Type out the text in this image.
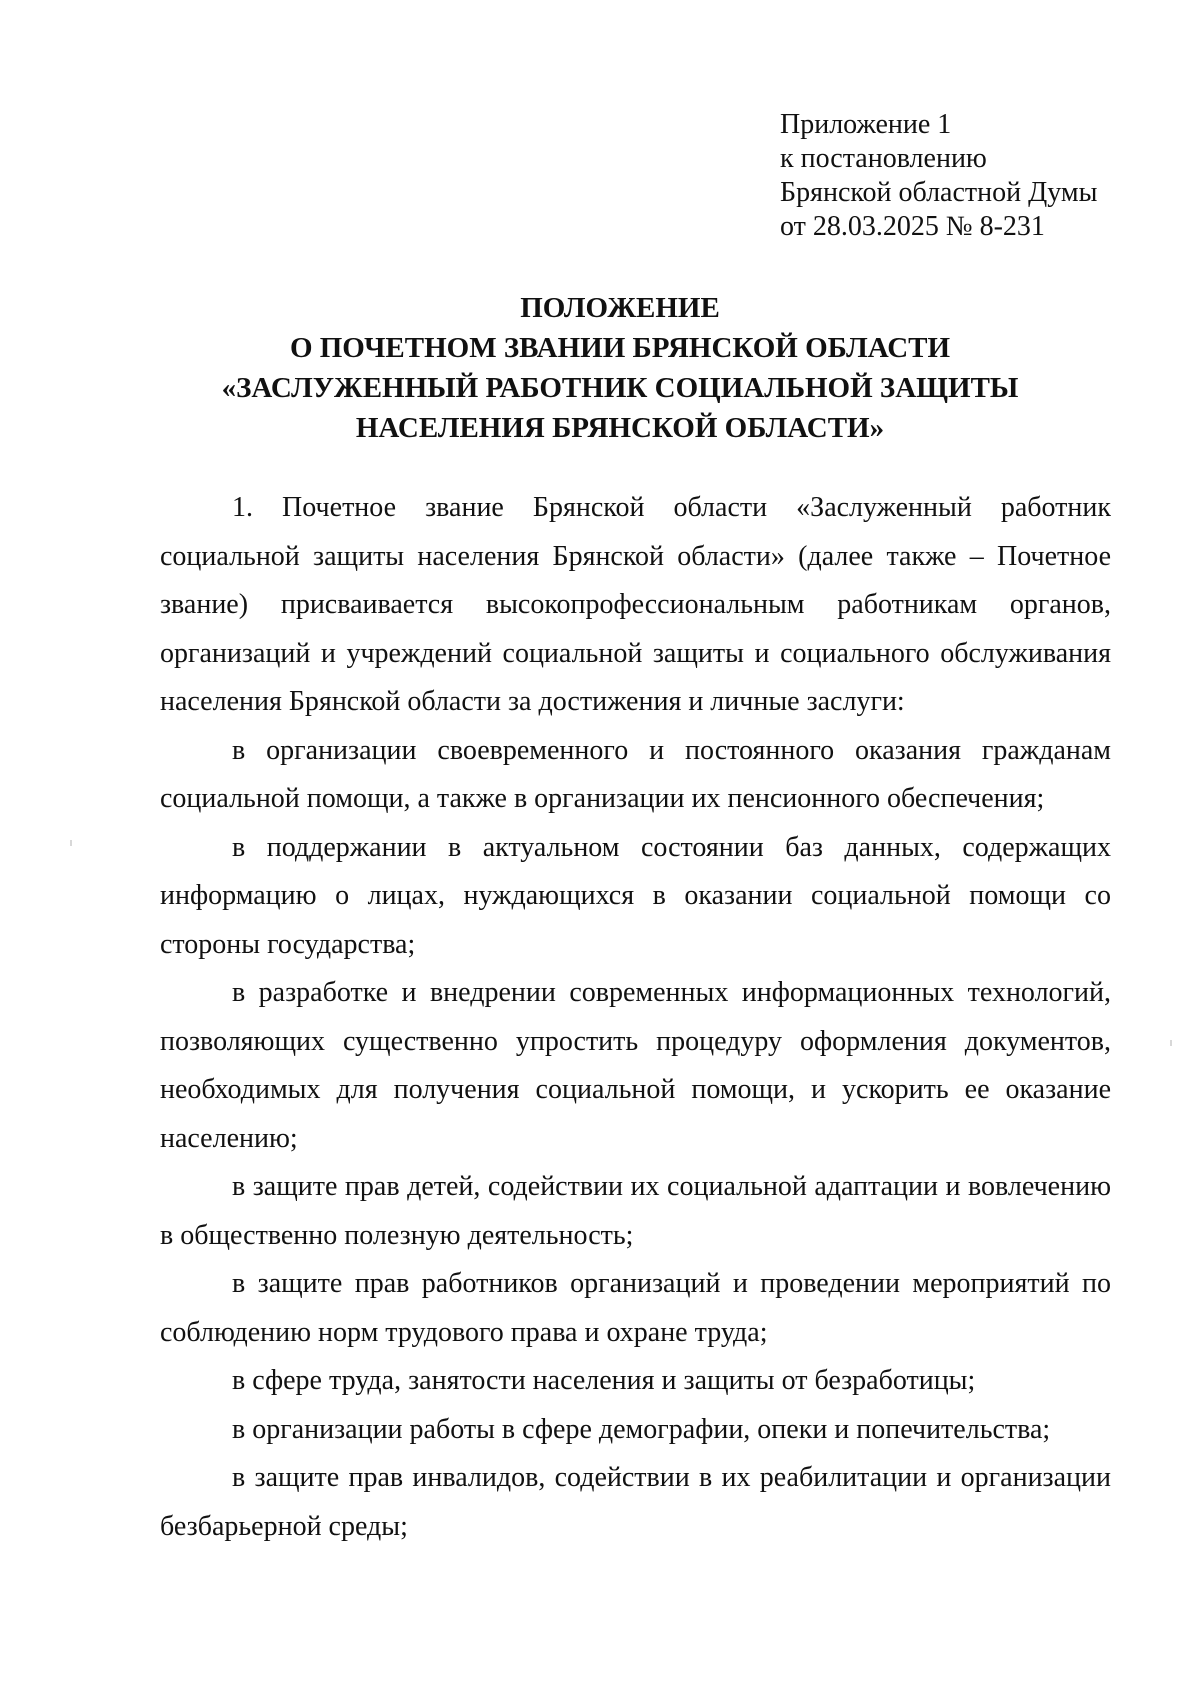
Приложение 1
к постановлению
Брянской областной Думы
от 28.03.2025 № 8-231
ПОЛОЖЕНИЕ
О ПОЧЕТНОМ ЗВАНИИ БРЯНСКОЙ ОБЛАСТИ
«ЗАСЛУЖЕННЫЙ РАБОТНИК СОЦИАЛЬНОЙ ЗАЩИТЫ
НАСЕЛЕНИЯ БРЯНСКОЙ ОБЛАСТИ»

1. Почетное звание Брянской области «Заслуженный работник социальной защиты населения Брянской области» (далее также – Почетное звание) присваивается высокопрофессиональным работникам органов, организаций и учреждений социальной защиты и социального обслуживания населения Брянской области за достижения и личные заслуги:

в организации своевременного и постоянного оказания гражданам социальной помощи, а также в организации их пенсионного обеспечения;

в поддержании в актуальном состоянии баз данных, содержащих информацию о лицах, нуждающихся в оказании социальной помощи со стороны государства;

в разработке и внедрении современных информационных технологий, позволяющих существенно упростить процедуру оформления документов, необходимых для получения социальной помощи, и ускорить ее оказание населению;

в защите прав детей, содействии их социальной адаптации и вовлечению в общественно полезную деятельность;

в защите прав работников организаций и проведении мероприятий по соблюдению норм трудового права и охране труда;

в сфере труда, занятости населения и защиты от безработицы;

в организации работы в сфере демографии, опеки и попечительства;

в защите прав инвалидов, содействии в их реабилитации и организации безбарьерной среды;
